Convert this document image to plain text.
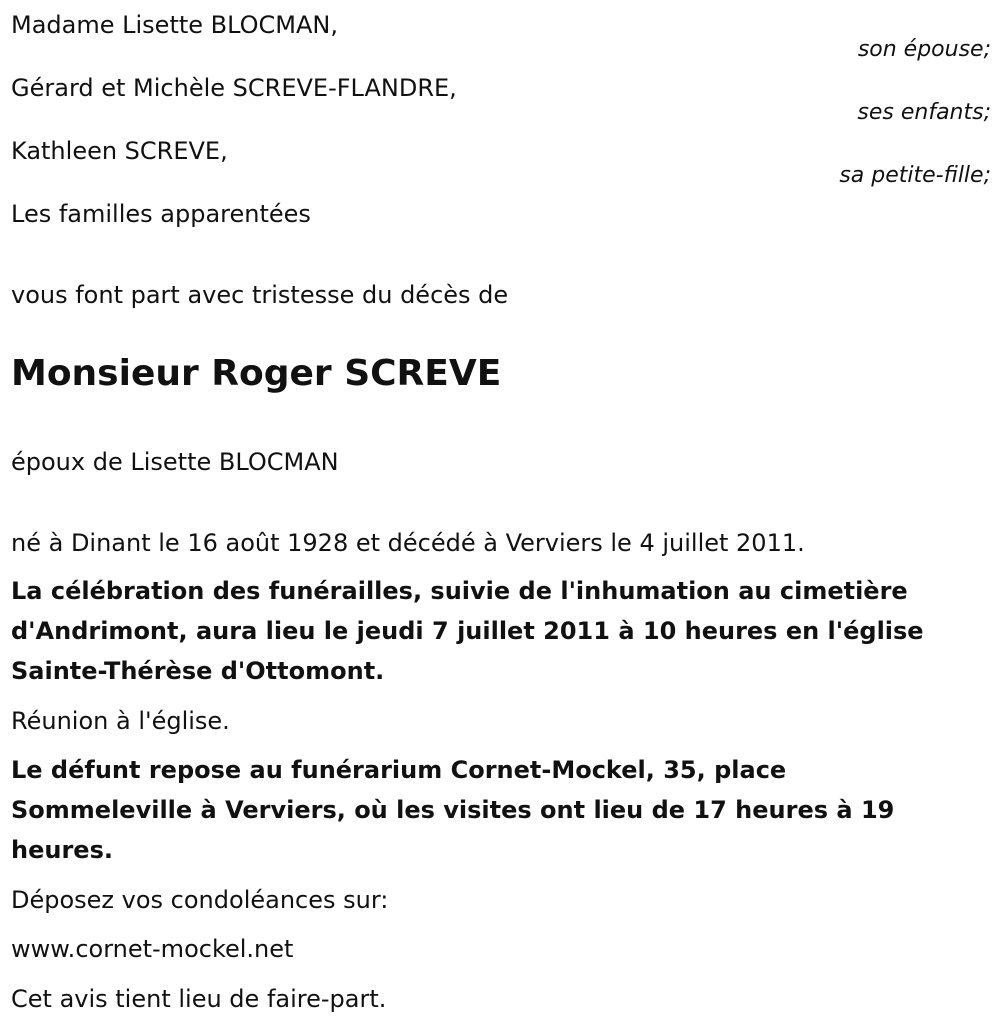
Madame Lisette BLOCMAN,
son épouse;
Gérard et Michèle SCREVE-FLANDRE,
ses enfants;
Kathleen SCREVE,
sa petite-fille;
Les familles apparentées
vous font part avec tristesse du décès de
Monsieur Roger SCREVE
époux de Lisette BLOCMAN
né à Dinant le 16 août 1928 et décédé à Verviers le 4 juillet 2011.
La célébration des funérailles, suivie de l'inhumation au cimetière d'Andrimont, aura lieu le jeudi 7 juillet 2011 à 10 heures en l'église Sainte-Thérèse d'Ottomont.
Réunion à l'église.
Le défunt repose au funérarium Cornet-Mockel, 35, place Sommeleville à Verviers, où les visites ont lieu de 17 heures à 19 heures.
Déposez vos condoléances sur:
www.cornet-mockel.net
Cet avis tient lieu de faire-part.
